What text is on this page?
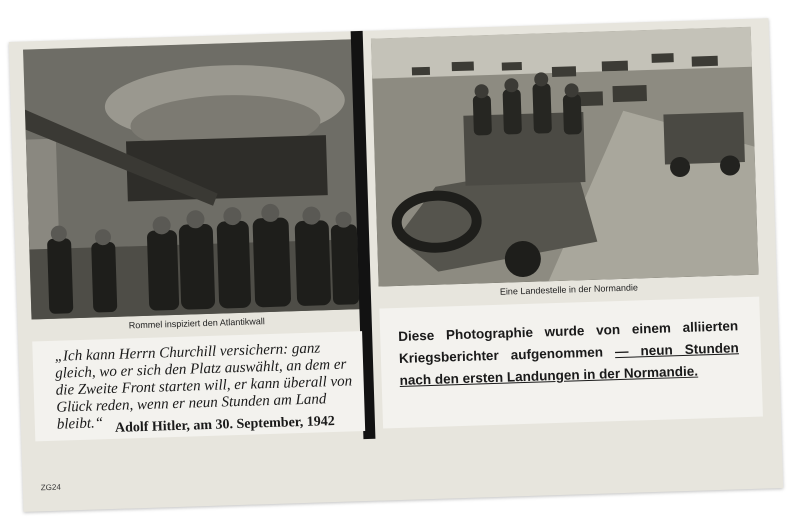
Rommel inspiziert den Atlantikwall
Eine Landestelle in der Normandie
„Ich kann Herrn Churchill versichern: ganz gleich, wo er sich den Platz auswählt, an dem er die Zweite Front starten will, er kann überall von Glück reden, wenn er neun Stunden am Land bleibt.“ Adolf Hitler, am 30. September, 1942
Diese Photographie wurde von einem alliierten Kriegsberichter aufgenommen — neun Stunden nach den ersten Landungen in der Normandie.
ZG24
